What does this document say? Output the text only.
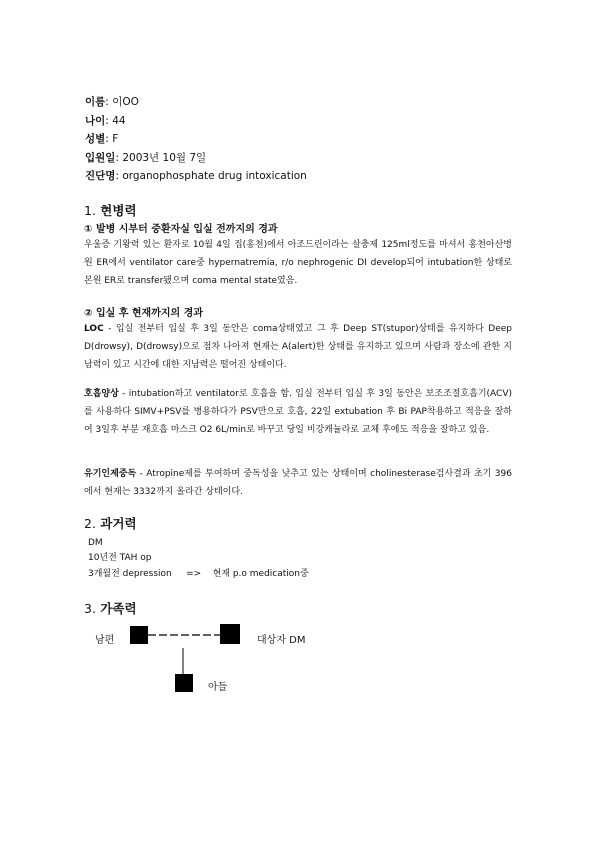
이름: 이OO
나이: 44
성별: F
입원일: 2003년 10월 7일
진단명: organophosphate drug intoxication
1. 현병력
① 발병 시부터 중환자실 입실 전까지의 경과
우울증 기왕력 있는 환자로 10월 4일 집(홍천)에서 아조드린이라는 살충제 125ml정도를 마셔서 홍천아산병원 ER에서 ventilator care중 hypernatremia, r/o nephrogenic DI develop되어 intubation한 상태로 본원 ER로 transfer됐으며 coma mental state였음.
② 입실 후 현재까지의 경과
LOC - 입실 전부터 입실 후 3일 동안은 coma상태였고 그 후 Deep ST(stupor)상태를 유지하다 Deep D(drowsy), D(drowsy)으로 점차 나아져 현재는 A(alert)한 상태를 유지하고 있으며 사람과 장소에 관한 지남력이 있고 시간에 대한 지남력은 떨어진 상태이다.
호흡양상 - intubation하고 ventilator로 호흡을 함. 입실 전부터 입실 후 3일 동안은 보조조절호흡기(ACV)를 사용하다 SIMV+PSV를 병용하다가 PSV만으로 호흡, 22일 extubation 후 Bi PAP착용하고 적응을 잘하여 3일후 부분 재호흡 마스크 O2 6L/min로 바꾸고 당일 비강캐뉼라로 교체 후에도 적응을 잘하고 있음.
유기인제중독 - Atropine제를 투여하며 중독성을 낮추고 있는 상태이며 cholinesterase검사결과 초기 396에서 현재는 3332까지 올라간 상태이다.
2. 과거력
DM
10년전 TAH op
3개월전 depression     =>    현재 p.o medication중
3. 가족력
남편	대상자 DM
아들
